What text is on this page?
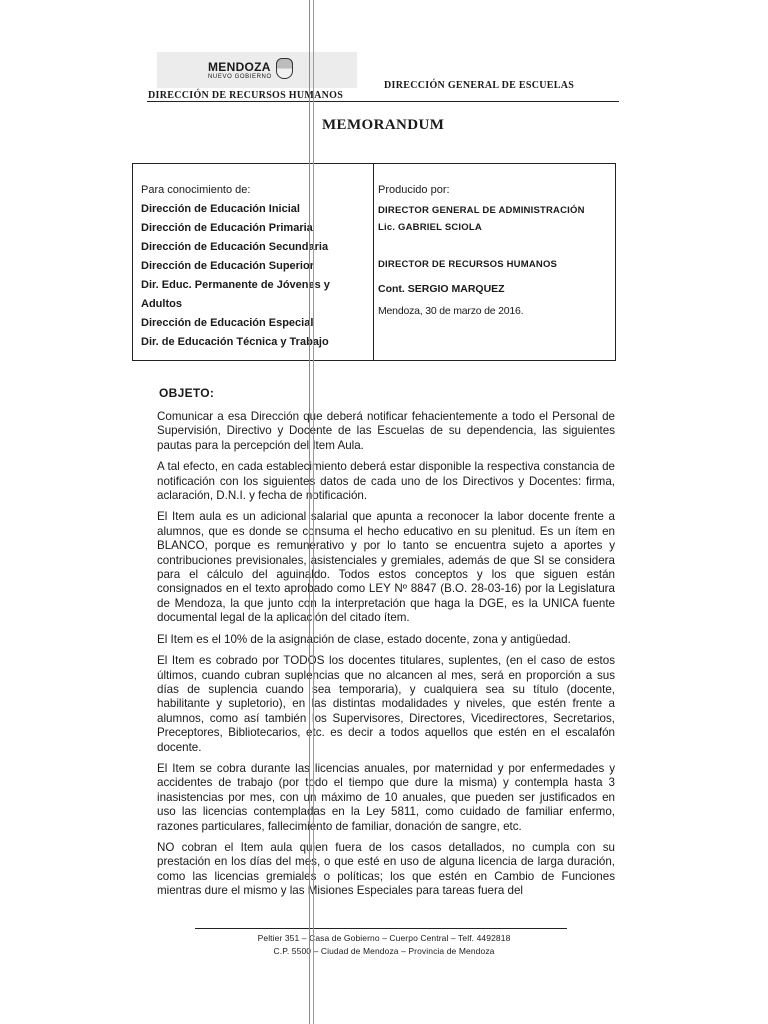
MENDOZA
NUEVO GOBIERNO
DIRECCIÓN DE RECURSOS HUMANOS
DIRECCIÓN GENERAL DE ESCUELAS
MEMORANDUM
Para conocimiento de:
Dirección de Educación Inicial
Dirección de Educación Primaria
Dirección de Educación Secundaria
Dirección de Educación Superior
Dir. Educ. Permanente de Jóvenes y
Adultos
Dirección de Educación Especial
Dir. de Educación Técnica y Trabajo
Producido por:
DIRECTOR GENERAL DE ADMINISTRACIÓN
Lic. GABRIEL SCIOLA
DIRECTOR DE RECURSOS HUMANOS
Cont. SERGIO MARQUEZ
Mendoza, 30 de marzo de 2016.
OBJETO:

Comunicar a esa Dirección que deberá notificar fehacientemente a todo el Personal de Supervisión, Directivo y Docente de las Escuelas de su dependencia, las siguientes pautas para la percepción del Item Aula.

A tal efecto, en cada establecimiento deberá estar disponible la respectiva constancia de notificación con los siguientes datos de cada uno de los Directivos y Docentes: firma, aclaración, D.N.I. y fecha de notificación.

El Item aula es un adicional salarial que apunta a reconocer la labor docente frente a alumnos, que es donde se consuma el hecho educativo en su plenitud. Es un ítem en BLANCO, porque es remunerativo y por lo tanto se encuentra sujeto a aportes y contribuciones previsionales, asistenciales y gremiales, además de que SI se considera para el cálculo del aguinaldo. Todos estos conceptos y los que siguen están consignados en el texto aprobado como LEY Nº 8847 (B.O. 28-03-16) por la Legislatura de Mendoza, la que junto con la interpretación que haga la DGE, es la UNICA fuente documental legal de la aplicación del citado ítem.

El Item es el 10% de la asignación de clase, estado docente, zona y antigüedad.

El Item es cobrado por TODOS los docentes titulares, suplentes, (en el caso de estos últimos, cuando cubran suplencias que no alcancen al mes, será en proporción a sus días de suplencia cuando sea temporaria), y cualquiera sea su título (docente, habilitante y supletorio), en las distintas modalidades y niveles, que estén frente a alumnos, como así también los Supervisores, Directores, Vicedirectores, Secretarios, Preceptores, Bibliotecarios, etc. es decir a todos aquellos que estén en el escalafón docente.

El Item se cobra durante las licencias anuales, por maternidad y por enfermedades y accidentes de trabajo (por todo el tiempo que dure la misma) y contempla hasta 3 inasistencias por mes, con un máximo de 10 anuales, que pueden ser justificados en uso las licencias contempladas en la Ley 5811, como cuidado de familiar enfermo, razones particulares, fallecimiento de familiar, donación de sangre, etc.

NO cobran el Item aula quien fuera de los casos detallados, no cumpla con su prestación en los días del mes, o que esté en uso de alguna licencia de larga duración, como las licencias gremiales o políticas; los que estén en Cambio de Funciones mientras dure el mismo y las Misiones Especiales para tareas fuera del

Peltier 351 – Casa de Gobierno – Cuerpo Central – Telf. 4492818
C.P. 5500 – Ciudad de Mendoza – Provincia de Mendoza
